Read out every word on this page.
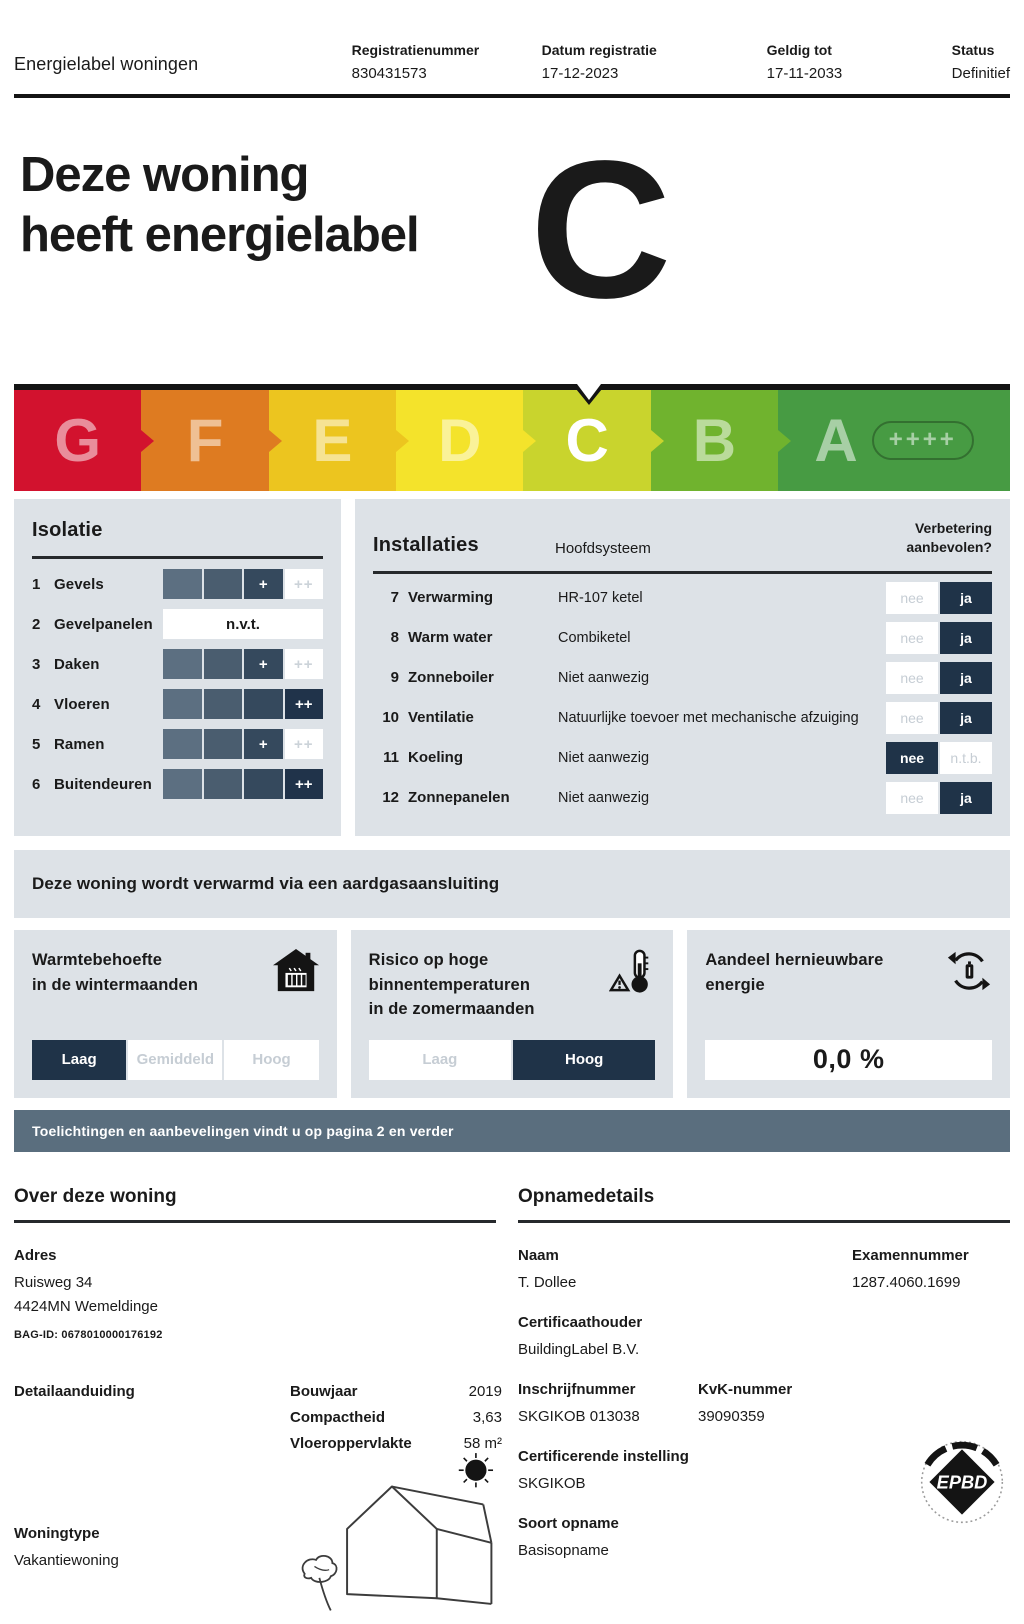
Energielabel woningen
Registratienummer
830431573
Datum registratie
17-12-2023
Geldig tot
17-11-2033
Status
Definitief
Deze woning
heeft energielabel C
G F E D C B A	++++
Isolatie
1 Gevels	+	++
2 Gevelpanelen	n.v.t.
3 Daken	+	++
4 Vloeren	++
5 Ramen	+	++
6 Buitendeuren	++
Installaties	Hoofdsysteem
Verbetering aanbevolen?
7 Verwarming	HR-107 ketel	nee	ja
8 Warm water	Combiketel	nee	ja
9 Zonneboiler	Niet aanwezig	nee	ja
10 Ventilatie	Natuurlijke toevoer met mechanische afzuiging	nee	ja
11 Koeling	Niet aanwezig	nee	n.t.b.
12 Zonnepanelen	Niet aanwezig	nee	ja
Deze woning wordt verwarmd via een aardgasaansluiting
Warmtebehoefte
in de wintermaanden
Laag	Gemiddeld	Hoog
Risico op hoge
binnentemperaturen
in de zomermaanden
Laag	Hoog
Aandeel hernieuwbare
energie
0,0 %
Toelichtingen en aanbevelingen vindt u op pagina 2 en verder
Over deze woning
Adres
Ruisweg 34
4424MN Wemeldinge
BAG-ID: 0678010000176192
Detailaanduiding	Bouwjaar	2019
Compactheid	3,63
Vloeroppervlakte	58 m²
Woningtype
Vakantiewoning
Opnamedetails
Naam
T. Dollee
Examennummer
1287.4060.1699
Certificaathouder
BuildingLabel B.V.
Inschrijfnummer
SKGIKOB 013038
KvK-nummer
39090359
Certificerende instelling
SKGIKOB
Soort opname
Basisopname
EPBD
